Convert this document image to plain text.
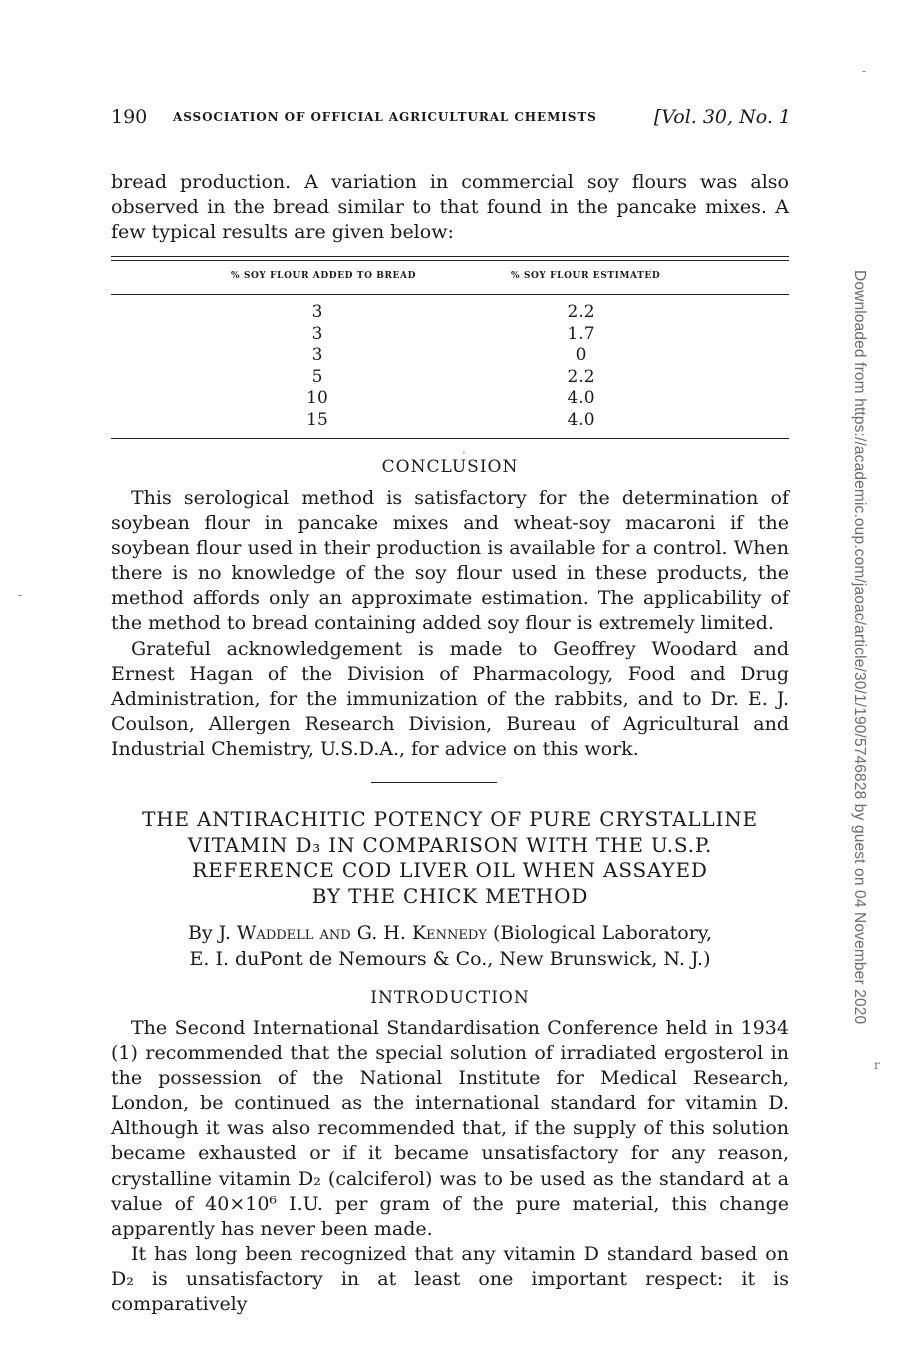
190 ASSOCIATION OF OFFICIAL AGRICULTURAL CHEMISTS	[Vol. 30, No. 1

bread production. A variation in commercial soy flours was also observed in the bread similar to that found in the pancake mixes. A few typical results are given below:

% SOY FLOUR ADDED TO BREAD	% SOY FLOUR ESTIMATED
3
3
3
5
10
15
2.2
1.7
0
2.2
4.0
4.0
CONCLUSION

This serological method is satisfactory for the determination of soybean flour in pancake mixes and wheat-soy macaroni if the soybean flour used in their production is available for a control. When there is no knowledge of the soy flour used in these products, the method affords only an approximate estimation. The applicability of the method to bread containing added soy flour is extremely limited.

Grateful acknowledgement is made to Geoffrey Woodard and Ernest Hagan of the Division of Pharmacology, Food and Drug Administration, for the immunization of the rabbits, and to Dr. E. J. Coulson, Allergen Research Division, Bureau of Agricultural and Industrial Chemistry, U.S.D.A., for advice on this work.

THE ANTIRACHITIC POTENCY OF PURE CRYSTALLINE
VITAMIN D₃ IN COMPARISON WITH THE U.S.P.
REFERENCE COD LIVER OIL WHEN ASSAYED
BY THE CHICK METHOD
By J. Waddell and G. H. Kennedy (Biological Laboratory,
E. I. duPont de Nemours & Co., New Brunswick, N. J.)
INTRODUCTION

The Second International Standardisation Conference held in 1934 (1) recommended that the special solution of irradiated ergosterol in the possession of the National Institute for Medical Research, London, be continued as the international standard for vitamin D. Although it was also recommended that, if the supply of this solution became exhausted or if it became unsatisfactory for any reason, crystalline vitamin D₂ (calciferol) was to be used as the standard at a value of 40×10⁶ I.U. per gram of the pure material, this change apparently has never been made.

It has long been recognized that any vitamin D standard based on D₂ is unsatisfactory in at least one important respect: it is comparatively

Downloaded from https://academic.oup.com/jaoac/article/30/1/190/5746828 by guest on 04 November 2020
·
-
-
r
